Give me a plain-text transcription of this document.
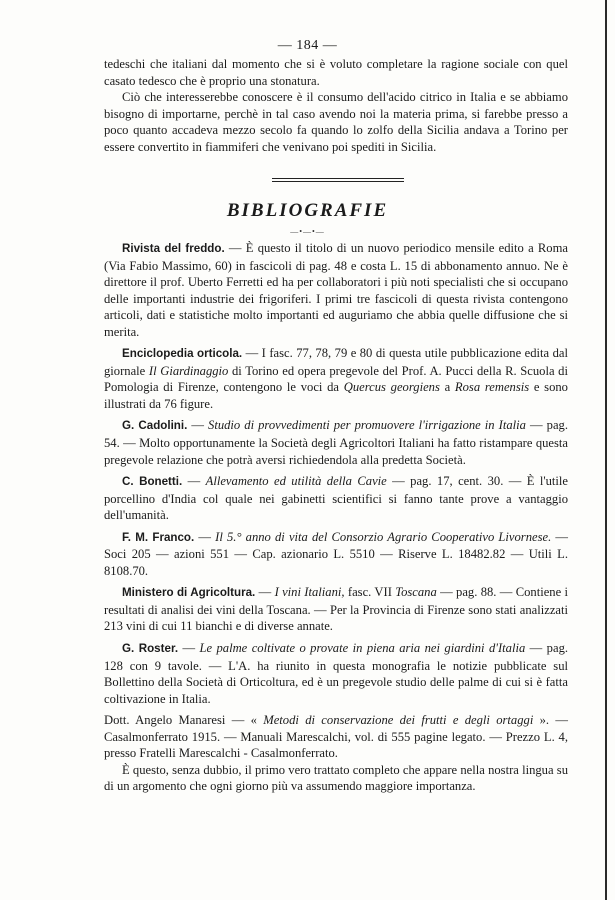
— 184 —

tedeschi che italiani dal momento che si è voluto completare la ragione sociale con quel casato tedesco che è proprio una stonatura.

Ciò che interesserebbe conoscere è il consumo dell'acido citrico in Italia e se abbiamo bisogno di importarne, perchè in tal caso avendo noi la materia prima, si farebbe presso a poco quanto accadeva mezzo secolo fa quando lo zolfo della Sicilia andava a Torino per essere convertito in fiammiferi che venivano poi spediti in Sicilia.

BIBLIOGRAFIE
—•—•—

Rivista del freddo. — È questo il titolo di un nuovo periodico mensile edito a Roma (Via Fabio Massimo, 60) in fascicoli di pag. 48 e costa L. 15 di abbonamento annuo. Ne è direttore il prof. Uberto Ferretti ed ha per collaboratori i più noti specialisti che si occupano delle importanti industrie dei frigoriferi. I primi tre fascicoli di questa rivista contengono articoli, dati e statistiche molto importanti ed auguriamo che abbia quelle diffusione che si merita.

Enciclopedia orticola. — I fasc. 77, 78, 79 e 80 di questa utile pubblicazione edita dal giornale Il Giardinaggio di Torino ed opera pregevole del Prof. A. Pucci della R. Scuola di Pomologia di Firenze, contengono le voci da Quercus georgiens a Rosa remensis e sono illustrati da 76 figure.

G. Cadolini. — Studio di provvedimenti per promuovere l'irrigazione in Italia — pag. 54. — Molto opportunamente la Società degli Agricoltori Italiani ha fatto ristampare questa pregevole relazione che potrà aversi richiedendola alla predetta Società.

C. Bonetti. — Allevamento ed utilità della Cavie — pag. 17, cent. 30. — È l'utile porcellino d'India col quale nei gabinetti scientifici si fanno tante prove a vantaggio dell'umanità.

F. M. Franco. — Il 5.° anno di vita del Consorzio Agrario Cooperativo Livornese. — Soci 205 — azioni 551 — Cap. azionario L. 5510 — Riserve L. 18482.82 — Utili L. 8108.70.

Ministero di Agricoltura. — I vini Italiani, fasc. VII Toscana — pag. 88. — Contiene i resultati di analisi dei vini della Toscana. — Per la Provincia di Firenze sono stati analizzati 213 vini di cui 11 bianchi e di diverse annate.

G. Roster. — Le palme coltivate o provate in piena aria nei giardini d'Italia — pag. 128 con 9 tavole. — L'A. ha riunito in questa monografia le notizie pubblicate sul Bollettino della Società di Orticoltura, ed è un pregevole studio delle palme di cui si è fatta coltivazione in Italia.

Dott. Angelo Manaresi — « Metodi di conservazione dei frutti e degli ortaggi ». — Casalmonferrato 1915. — Manuali Marescalchi, vol. di 555 pagine legato. — Prezzo L. 4, presso Fratelli Marescalchi - Casalmonferrato.

È questo, senza dubbio, il primo vero trattato completo che appare nella nostra lingua su di un argomento che ogni giorno più va assumendo maggiore importanza.
